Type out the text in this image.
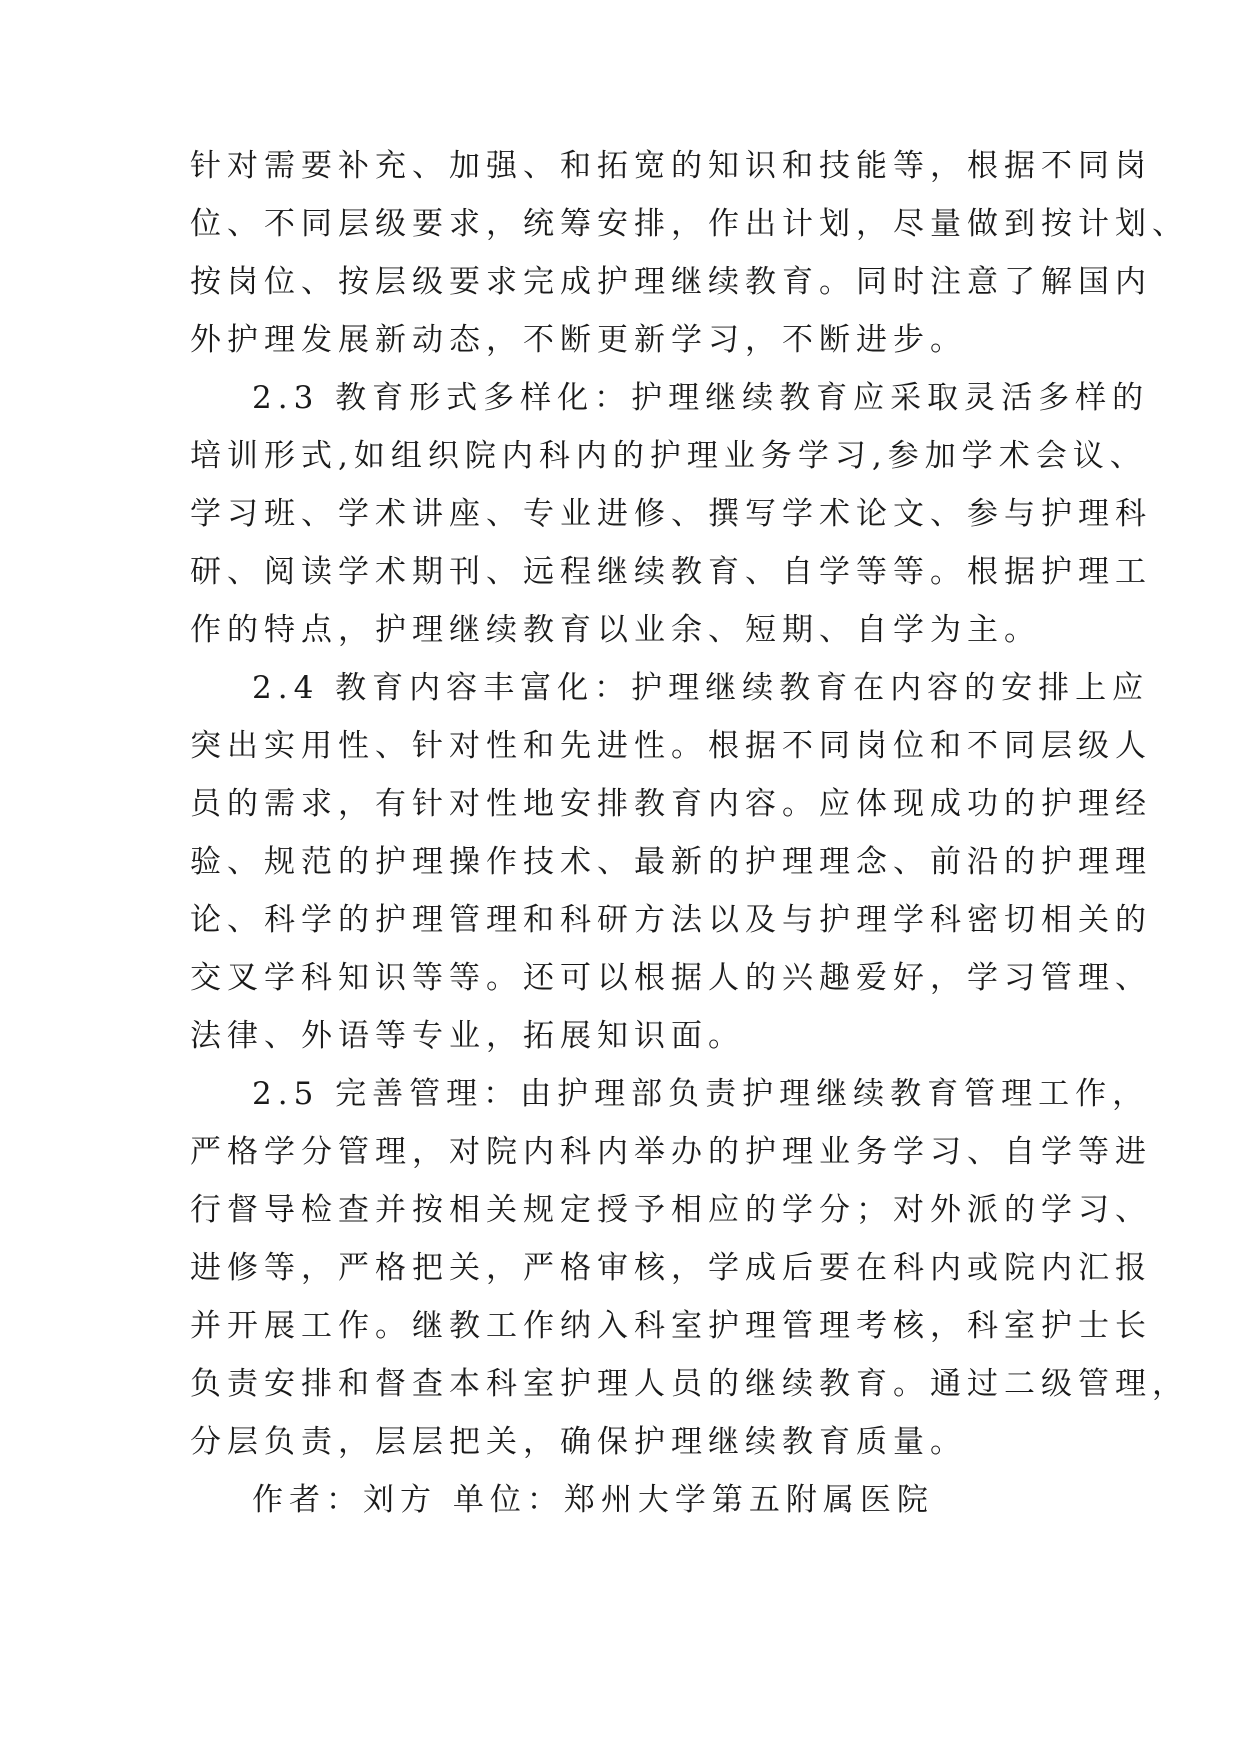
针对需要补充、加强、和拓宽的知识和技能等，根据不同岗
位、不同层级要求，统筹安排，作出计划，尽量做到按计划、
按岗位、按层级要求完成护理继续教育。同时注意了解国内
外护理发展新动态，不断更新学习，不断进步。
2.3 教育形式多样化：护理继续教育应采取灵活多样的
培训形式,如组织院内科内的护理业务学习,参加学术会议、
学习班、学术讲座、专业进修、撰写学术论文、参与护理科
研、阅读学术期刊、远程继续教育、自学等等。根据护理工
作的特点，护理继续教育以业余、短期、自学为主。
2.4 教育内容丰富化：护理继续教育在内容的安排上应
突出实用性、针对性和先进性。根据不同岗位和不同层级人
员的需求，有针对性地安排教育内容。应体现成功的护理经
验、规范的护理操作技术、最新的护理理念、前沿的护理理
论、科学的护理管理和科研方法以及与护理学科密切相关的
交叉学科知识等等。还可以根据人的兴趣爱好，学习管理、
法律、外语等专业，拓展知识面。
2.5 完善管理：由护理部负责护理继续教育管理工作，
严格学分管理，对院内科内举办的护理业务学习、自学等进
行督导检查并按相关规定授予相应的学分；对外派的学习、
进修等，严格把关，严格审核，学成后要在科内或院内汇报
并开展工作。继教工作纳入科室护理管理考核，科室护士长
负责安排和督查本科室护理人员的继续教育。通过二级管理，
分层负责，层层把关，确保护理继续教育质量。
作者：刘方 单位：郑州大学第五附属医院
